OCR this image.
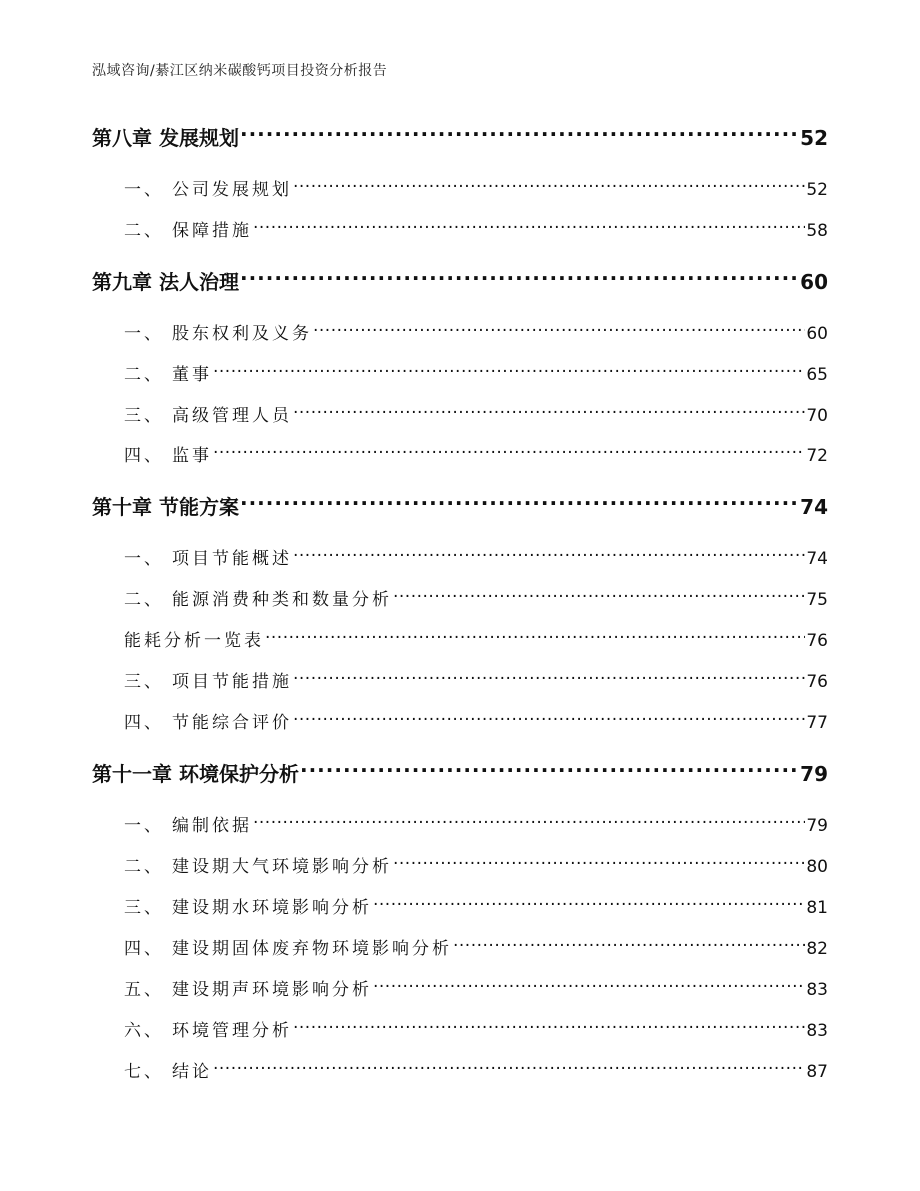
泓域咨询/綦江区纳米碳酸钙项目投资分析报告
第八章 发展规划 .....	52
一、 公司发展规划 .....	52
二、 保障措施 .....	58
第九章 法人治理 .....	60
一、 股东权利及义务 .....	60
二、 董事 .....	65
三、 高级管理人员 .....	70
四、 监事 .....	72
第十章 节能方案 .....	74
一、 项目节能概述 .....	74
二、 能源消费种类和数量分析 .....	75
能耗分析一览表 .....	76
三、 项目节能措施 .....	76
四、 节能综合评价 .....	77
第十一章 环境保护分析 .....	79
一、 编制依据 .....	79
二、 建设期大气环境影响分析 .....	80
三、 建设期水环境影响分析 .....	81
四、 建设期固体废弃物环境影响分析 .....	82
五、 建设期声环境影响分析 .....	83
六、 环境管理分析 .....	83
七、 结论 .....	87
